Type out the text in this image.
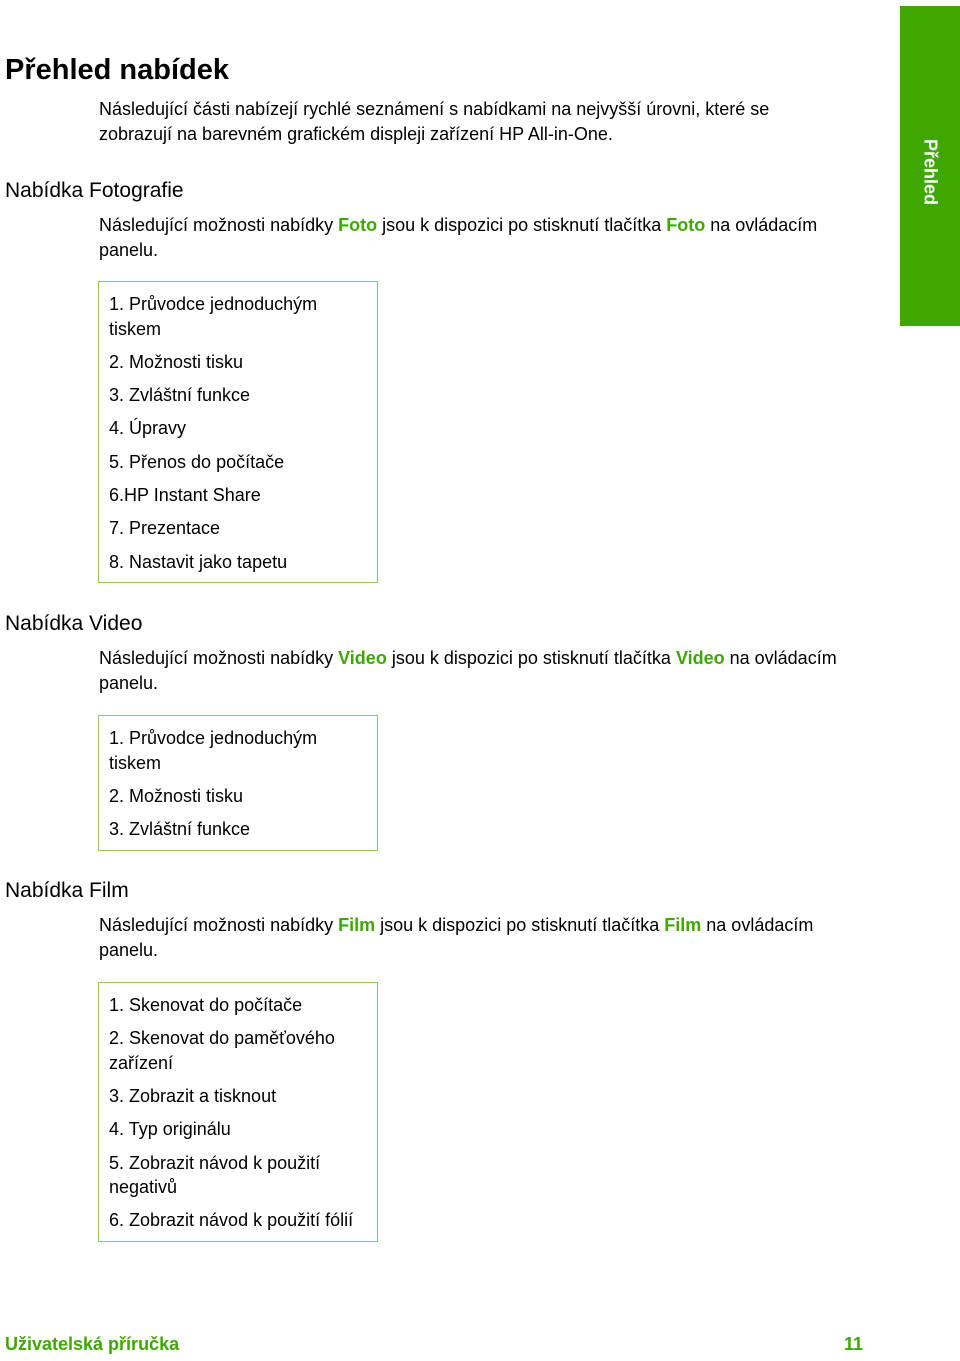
Přehled
Přehled nabídek

Následující části nabízejí rychlé seznámení s nabídkami na nejvyšší úrovni, které se zobrazují na barevném grafickém displeji zařízení HP All-in-One.

Nabídka Fotografie

Následující možnosti nabídky Foto jsou k dispozici po stisknutí tlačítka Foto na ovládacím panelu.

1. Průvodce jednoduchým tiskem

2. Možnosti tisku

3. Zvláštní funkce

4. Úpravy

5. Přenos do počítače

6.HP Instant Share

7. Prezentace

8. Nastavit jako tapetu

Nabídka Video

Následující možnosti nabídky Video jsou k dispozici po stisknutí tlačítka Video na ovládacím panelu.

1. Průvodce jednoduchým tiskem

2. Možnosti tisku

3. Zvláštní funkce

Nabídka Film

Následující možnosti nabídky Film jsou k dispozici po stisknutí tlačítka Film na ovládacím panelu.

1. Skenovat do počítače

2. Skenovat do paměťového zařízení

3. Zobrazit a tisknout

4. Typ originálu

5. Zobrazit návod k použití negativů

6. Zobrazit návod k použití fólií

Uživatelská příručka	11
